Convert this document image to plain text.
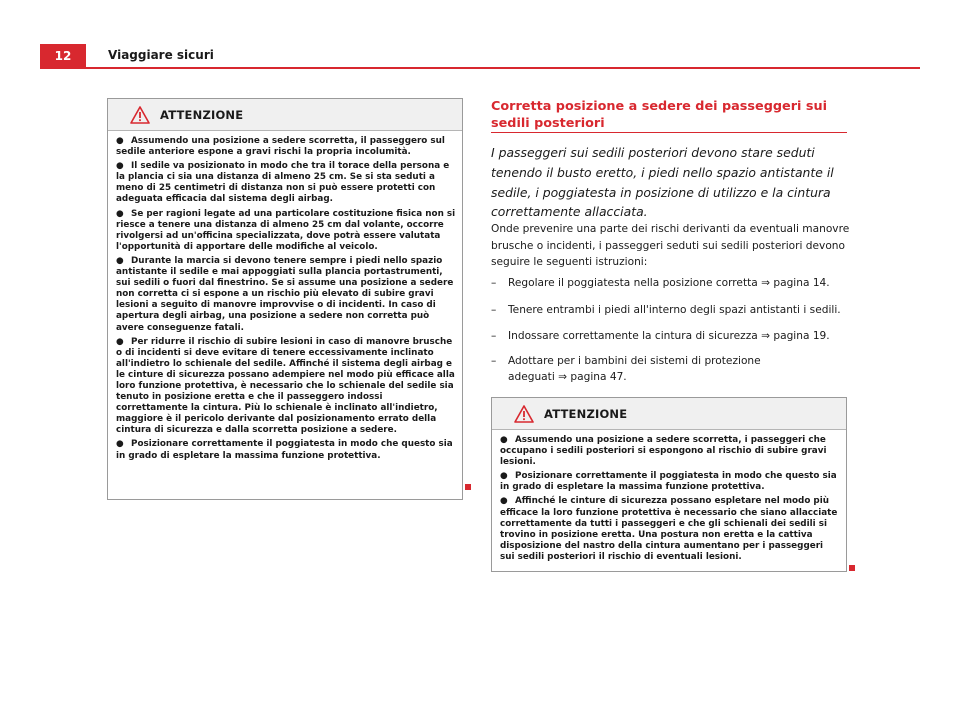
12	Viaggiare sicuri
ATTENZIONE

● Assumendo una posizione a sedere scorretta, il passeggero sul sedile anteriore espone a gravi rischi la propria incolumità.

● Il sedile va posizionato in modo che tra il torace della persona e la plancia ci sia una distanza di almeno 25 cm. Se si sta seduti a meno di 25 centimetri di distanza non si può essere protetti con adeguata efficacia dal sistema degli airbag.

● Se per ragioni legate ad una particolare costituzione fisica non si riesce a tenere una distanza di almeno 25 cm dal volante, occorre rivolgersi ad un'officina specializzata, dove potrà essere valutata l'opportunità di apportare delle modifiche al veicolo.

● Durante la marcia si devono tenere sempre i piedi nello spazio antistante il sedile e mai appoggiati sulla plancia portastrumenti, sui sedili o fuori dal finestrino. Se si assume una posizione a sedere non corretta ci si espone a un rischio più elevato di subire gravi lesioni a seguito di manovre improvvise o di incidenti. In caso di apertura degli airbag, una posizione a sedere non corretta può avere conseguenze fatali.

● Per ridurre il rischio di subire lesioni in caso di manovre brusche o di incidenti si deve evitare di tenere eccessivamente inclinato all'indietro lo schienale del sedile. Affinché il sistema degli airbag e le cinture di sicurezza possano adempiere nel modo più efficace alla loro funzione protettiva, è necessario che lo schienale del sedile sia tenuto in posizione eretta e che il passeggero indossi correttamente la cintura. Più lo schienale è inclinato all'indietro, maggiore è il pericolo derivante dal posizionamento errato della cintura di sicurezza e dalla scorretta posizione a sedere.

● Posizionare correttamente il poggiatesta in modo che questo sia in grado di espletare la massima funzione protettiva.

Corretta posizione a sedere dei passeggeri sui sedili posteriori
I passeggeri sui sedili posteriori devono stare seduti tenendo il busto eretto, i piedi nello spazio antistante il sedile, i poggiatesta in posizione di utilizzo e la cintura correttamente allacciata.
Onde prevenire una parte dei rischi derivanti da eventuali manovre brusche o incidenti, i passeggeri seduti sui sedili posteriori devono seguire le seguenti istruzioni:
–	Regolare il poggiatesta nella posizione corretta ⇒ pagina 14.
–	Tenere entrambi i piedi all'interno degli spazi antistanti i sedili.
–	Indossare correttamente la cintura di sicurezza ⇒ pagina 19.
–	Adottare per i bambini dei sistemi di protezione adeguati ⇒ pagina 47.
ATTENZIONE

● Assumendo una posizione a sedere scorretta, i passeggeri che occupano i sedili posteriori si espongono al rischio di subire gravi lesioni.

● Posizionare correttamente il poggiatesta in modo che questo sia in grado di espletare la massima funzione protettiva.

● Affinché le cinture di sicurezza possano espletare nel modo più efficace la loro funzione protettiva è necessario che siano allacciate correttamente da tutti i passeggeri e che gli schienali dei sedili si trovino in posizione eretta. Una postura non eretta e la cattiva disposizione del nastro della cintura aumentano per i passeggeri sui sedili posteriori il rischio di eventuali lesioni.
